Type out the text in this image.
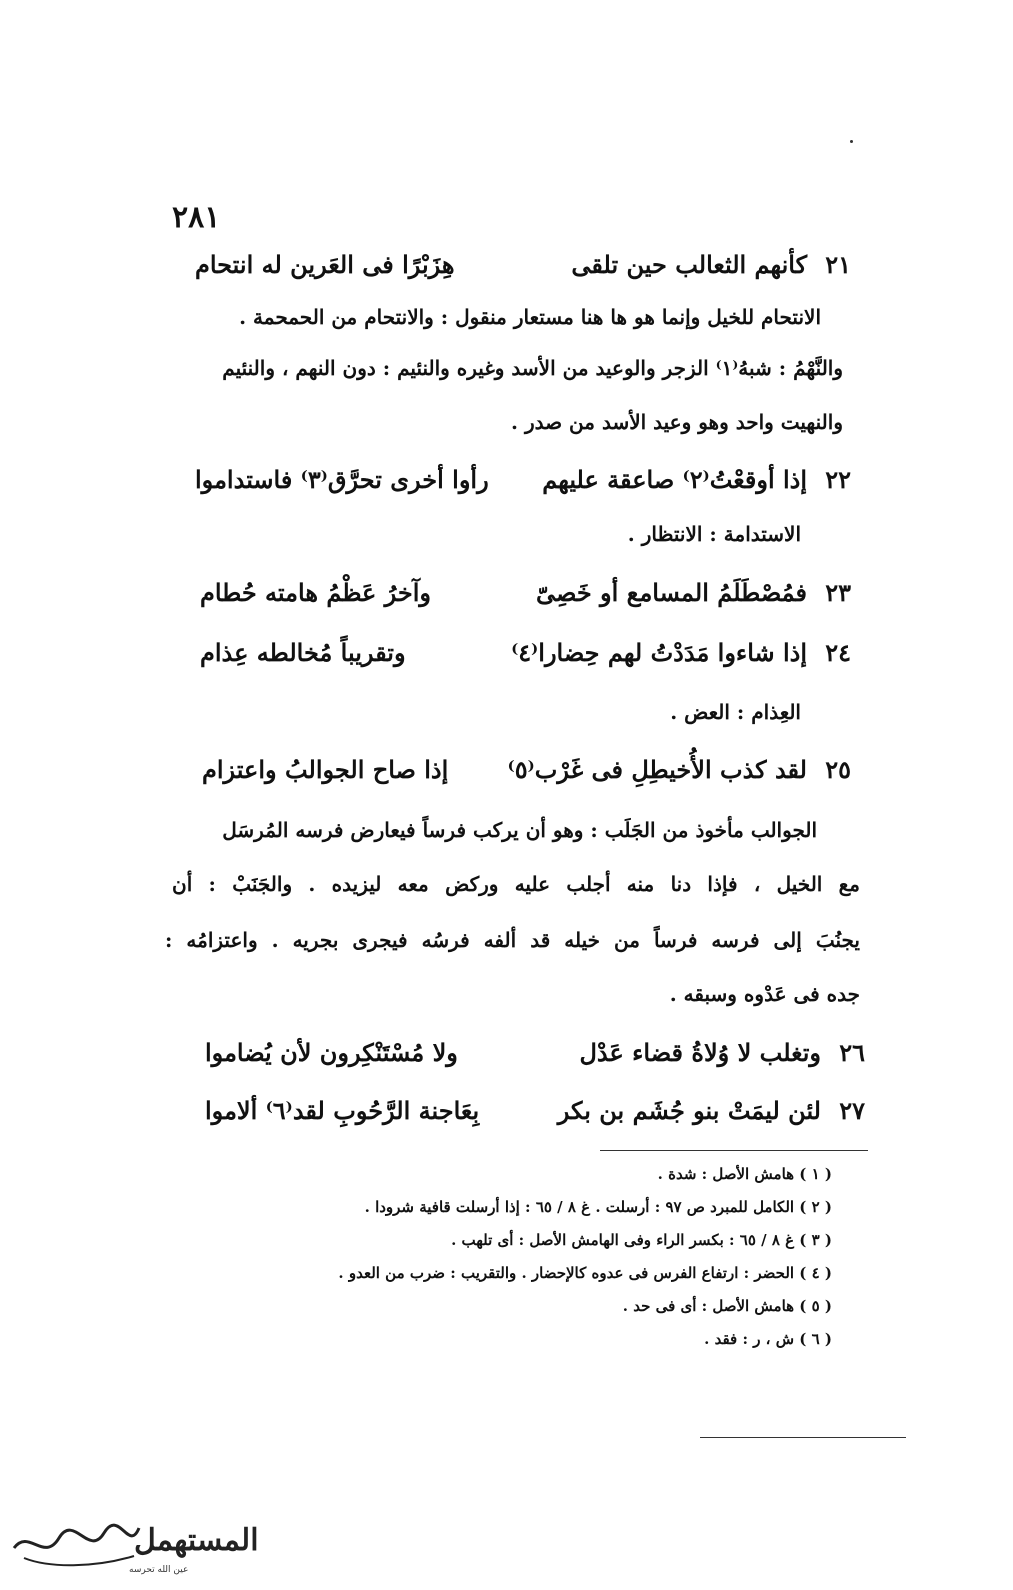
٢٨١
٢١
كأنهم الثعالب حين تلقى
هِزَبْرًا فى العَرين له انتحام
الانتحام للخيل وإنما هو ها هنا مستعار منقول : والانتحام من الحمحمة .
والنَّهْمُ : شبهُ⁽١⁾ الزجر والوعيد من الأسد وغيره والنئيم : دون النهم ، والنئيم
والنهيت واحد وهو وعيد الأسد من صدر .
٢٢
إذا أوقعْتُ⁽٢⁾ صاعقة عليهم
رأوا أخرى تحرَّق⁽٣⁾ فاستداموا
الاستدامة : الانتظار .
٢٣
فمُصْطَلَمُ المسامع أو خَصِىّ
وآخرُ عَظْمُ هامته حُطام
٢٤
إذا شاءوا مَدَدْتُ لهم حِضارا⁽٤⁾
وتقريباً مُخالطه عِذام
العِذام : العض .
٢٥
لقد كذب الأُخيطِلِ فى غَرْب⁽٥⁾
إذا صاح الجوالبُ واعتزام
الجوالب مأخوذ من الجَلَب : وهو أن يركب فرساً فيعارض فرسه المُرسَل
مع الخيل ، فإذا دنا منه أجلب عليه وركض معه ليزيده . والجَنَبْ : أن
يجنُبَ إلى فرسه فرساً من خيله قد ألفه فرسُه فيجرى بجريه . واعتزامُه :
جده فى عَدْوه وسبقه .
٢٦
وتغلب لا وُلاةُ قضاء عَدْل
ولا مُسْتَنْكِرون لأن يُضاموا
٢٧
لئن ليمَتْ بنو جُشَم بن بكر
بِعَاجنة الرَّحُوبِ لقد⁽٦⁾ ألاموا
( ١ ) هامش الأصل : شدة .
( ٢ ) الكامل للمبرد ص ٩٧ : أرسلت . غ ٨ / ٦٥ : إذا أرسلت قافية شرودا .
( ٣ ) غ ٨ / ٦٥ : بكسر الراء وفى الهامش الأصل : أى تلهب .
( ٤ ) الحضر : ارتفاع الفرس فى عدوه كالإحضار . والتقريب : ضرب من العدو .
( ٥ ) هامش الأصل : أى فى حد .
( ٦ ) ش ، ر : فقد .
المستهمل
عين الله تحرسه
